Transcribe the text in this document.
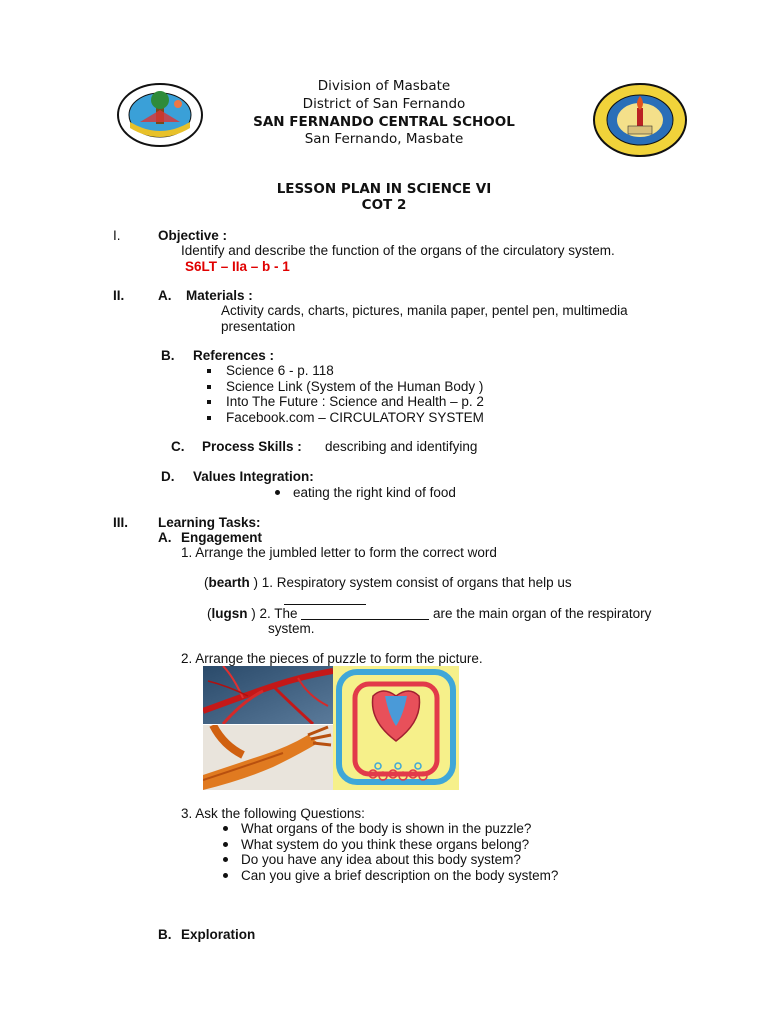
Division of Masbate
District of San Fernando
SAN FERNANDO CENTRAL SCHOOL
San Fernando, Masbate
LESSON PLAN IN SCIENCE VI
COT 2
I.	Objective :
Identify and describe the function of the organs of the circulatory system.
S6LT – IIa – b - 1
II. A. Materials :
Activity cards, charts, pictures, manila paper, pentel pen, multimedia
presentation
B. References :
Science 6 - p. 118
Science Link (System of the Human Body )
Into The Future : Science and Health – p. 2
Facebook.com – CIRCULATORY SYSTEM
C. Process Skills : describing and identifying
D. Values Integration:
eating the right kind of food
III. Learning Tasks:
A. Engagement
1. Arrange the jumbled letter to form the correct word
(bearth ) 1. Respiratory system consist of organs that help us
(lugsn ) 2. The	are the main organ of the respiratory
system.
2. Arrange the pieces of puzzle to form the picture.
3. Ask the following Questions:
What organs of the body is shown in the puzzle?
What system do you think these organs belong?
Do you have any idea about this body system?
Can you give a brief description on the body system?
B. Exploration
